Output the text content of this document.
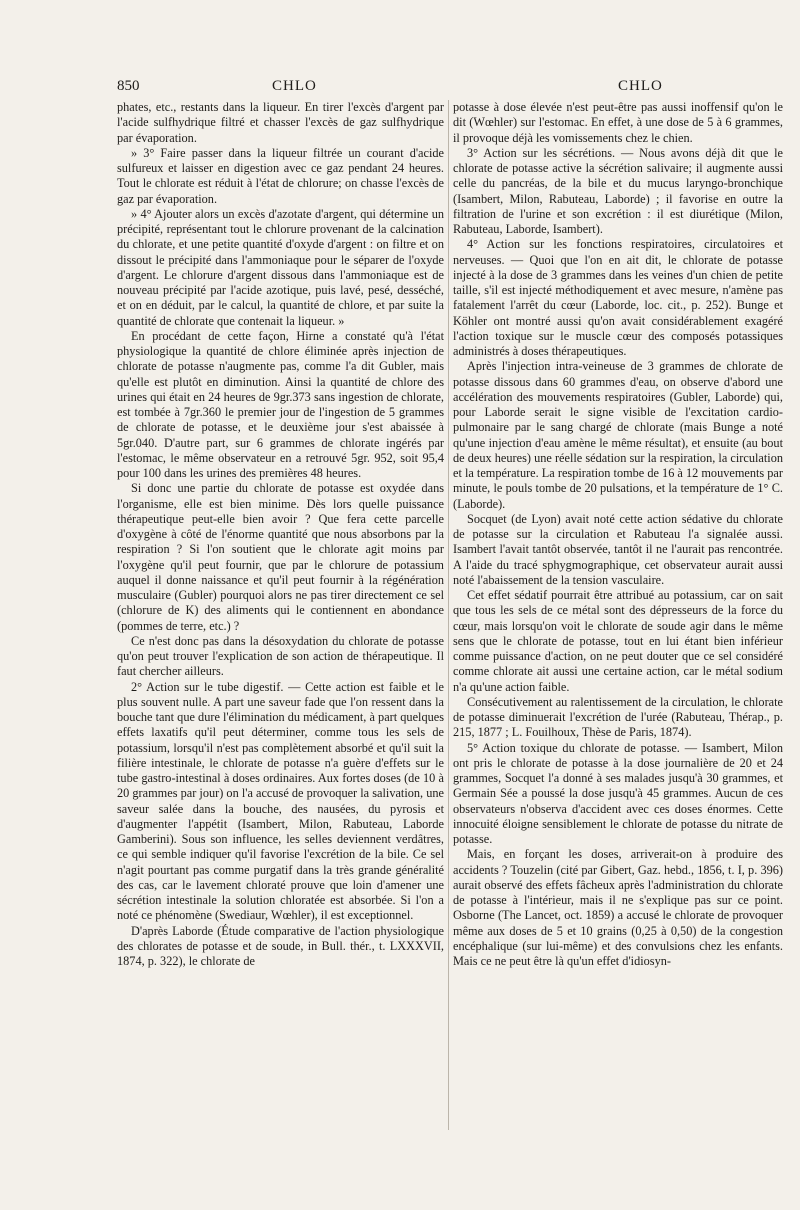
850	CHLO	CHLO

phates, etc., restants dans la liqueur. En tirer l'excès d'argent par l'acide sulfhydrique filtré et chasser l'excès de gaz sulfhydrique par évaporation.

» 3° Faire passer dans la liqueur filtrée un courant d'acide sulfureux et laisser en digestion avec ce gaz pendant 24 heures. Tout le chlorate est réduit à l'état de chlorure; on chasse l'excès de gaz par évaporation.

» 4° Ajouter alors un excès d'azotate d'argent, qui détermine un précipité, représentant tout le chlorure provenant de la calcination du chlorate, et une petite quantité d'oxyde d'argent : on filtre et on dissout le précipité dans l'ammoniaque pour le séparer de l'oxyde d'argent. Le chlorure d'argent dissous dans l'ammoniaque est de nouveau précipité par l'acide azotique, puis lavé, pesé, desséché, et on en déduit, par le calcul, la quantité de chlore, et par suite la quantité de chlorate que contenait la liqueur. »

En procédant de cette façon, Hirne a constaté qu'à l'état physiologique la quantité de chlore éliminée après injection de chlorate de potasse n'augmente pas, comme l'a dit Gubler, mais qu'elle est plutôt en diminution. Ainsi la quantité de chlore des urines qui était en 24 heures de 9gr.373 sans ingestion de chlorate, est tombée à 7gr.360 le premier jour de l'ingestion de 5 grammes de chlorate de potasse, et le deuxième jour s'est abaissée à 5gr.040. D'autre part, sur 6 grammes de chlorate ingérés par l'estomac, le même observateur en a retrouvé 5gr. 952, soit 95,4 pour 100 dans les urines des premières 48 heures.

Si donc une partie du chlorate de potasse est oxydée dans l'organisme, elle est bien minime. Dès lors quelle puissance thérapeutique peut-elle bien avoir ? Que fera cette parcelle d'oxygène à côté de l'énorme quantité que nous absorbons par la respiration ? Si l'on soutient que le chlorate agit moins par l'oxygène qu'il peut fournir, que par le chlorure de potassium auquel il donne naissance et qu'il peut fournir à la régénération musculaire (Gubler) pourquoi alors ne pas tirer directement ce sel (chlorure de K) des aliments qui le contiennent en abondance (pommes de terre, etc.) ?

Ce n'est donc pas dans la désoxydation du chlorate de potasse qu'on peut trouver l'explication de son action de thérapeutique. Il faut chercher ailleurs.

2° Action sur le tube digestif. — Cette action est faible et le plus souvent nulle. A part une saveur fade que l'on ressent dans la bouche tant que dure l'élimination du médicament, à part quelques effets laxatifs qu'il peut déterminer, comme tous les sels de potassium, lorsqu'il n'est pas complètement absorbé et qu'il suit la filière intestinale, le chlorate de potasse n'a guère d'effets sur le tube gastro-intestinal à doses ordinaires. Aux fortes doses (de 10 à 20 grammes par jour) on l'a accusé de provoquer la salivation, une saveur salée dans la bouche, des nausées, du pyrosis et d'augmenter l'appétit (Isambert, Milon, Rabuteau, Laborde Gamberini). Sous son influence, les selles deviennent verdâtres, ce qui semble indiquer qu'il favorise l'excrétion de la bile. Ce sel n'agit pourtant pas comme purgatif dans la très grande généralité des cas, car le lavement chloraté prouve que loin d'amener une sécrétion intestinale la solution chloratée est absorbée. Si l'on a noté ce phénomène (Swediaur, Wœhler), il est exceptionnel.

D'après Laborde (Étude comparative de l'action physiologique des chlorates de potasse et de soude, in Bull. thér., t. LXXXVII, 1874, p. 322), le chlorate de

potasse à dose élevée n'est peut-être pas aussi inoffensif qu'on le dit (Wœhler) sur l'estomac. En effet, à une dose de 5 à 6 grammes, il provoque déjà les vomissements chez le chien.

3° Action sur les sécrétions. — Nous avons déjà dit que le chlorate de potasse active la sécrétion salivaire; il augmente aussi celle du pancréas, de la bile et du mucus laryngo-bronchique (Isambert, Milon, Rabuteau, Laborde) ; il favorise en outre la filtration de l'urine et son excrétion : il est diurétique (Milon, Rabuteau, Laborde, Isambert).

4° Action sur les fonctions respiratoires, circulatoires et nerveuses. — Quoi que l'on en ait dit, le chlorate de potasse injecté à la dose de 3 grammes dans les veines d'un chien de petite taille, s'il est injecté méthodiquement et avec mesure, n'amène pas fatalement l'arrêt du cœur (Laborde, loc. cit., p. 252). Bunge et Köhler ont montré aussi qu'on avait considérablement exagéré l'action toxique sur le muscle cœur des composés potassiques administrés à doses thérapeutiques.

Après l'injection intra-veineuse de 3 grammes de chlorate de potasse dissous dans 60 grammes d'eau, on observe d'abord une accélération des mouvements respiratoires (Gubler, Laborde) qui, pour Laborde serait le signe visible de l'excitation cardio-pulmonaire par le sang chargé de chlorate (mais Bunge a noté qu'une injection d'eau amène le même résultat), et ensuite (au bout de deux heures) une réelle sédation sur la respiration, la circulation et la température. La respiration tombe de 16 à 12 mouvements par minute, le pouls tombe de 20 pulsations, et la température de 1° C. (Laborde).

Socquet (de Lyon) avait noté cette action sédative du chlorate de potasse sur la circulation et Rabuteau l'a signalée aussi. Isambert l'avait tantôt observée, tantôt il ne l'aurait pas rencontrée. A l'aide du tracé sphygmographique, cet observateur aurait aussi noté l'abaissement de la tension vasculaire.

Cet effet sédatif pourrait être attribué au potassium, car on sait que tous les sels de ce métal sont des dépresseurs de la force du cœur, mais lorsqu'on voit le chlorate de soude agir dans le même sens que le chlorate de potasse, tout en lui étant bien inférieur comme puissance d'action, on ne peut douter que ce sel considéré comme chlorate ait aussi une certaine action, car le métal sodium n'a qu'une action faible.

Consécutivement au ralentissement de la circulation, le chlorate de potasse diminuerait l'excrétion de l'urée (Rabuteau, Thérap., p. 215, 1877 ; L. Fouilhoux, Thèse de Paris, 1874).

5° Action toxique du chlorate de potasse. — Isambert, Milon ont pris le chlorate de potasse à la dose journalière de 20 et 24 grammes, Socquet l'a donné à ses malades jusqu'à 30 grammes, et Germain Sée a poussé la dose jusqu'à 45 grammes. Aucun de ces observateurs n'observa d'accident avec ces doses énormes. Cette innocuité éloigne sensiblement le chlorate de potasse du nitrate de potasse.

Mais, en forçant les doses, arriverait-on à produire des accidents ? Touzelin (cité par Gibert, Gaz. hebd., 1856, t. I, p. 396) aurait observé des effets fâcheux après l'administration du chlorate de potasse à l'intérieur, mais il ne s'explique pas sur ce point. Osborne (The Lancet, oct. 1859) a accusé le chlorate de provoquer même aux doses de 5 et 10 grains (0,25 à 0,50) de la congestion encéphalique (sur lui-même) et des convulsions chez les enfants. Mais ce ne peut être là qu'un effet d'idiosyn-
